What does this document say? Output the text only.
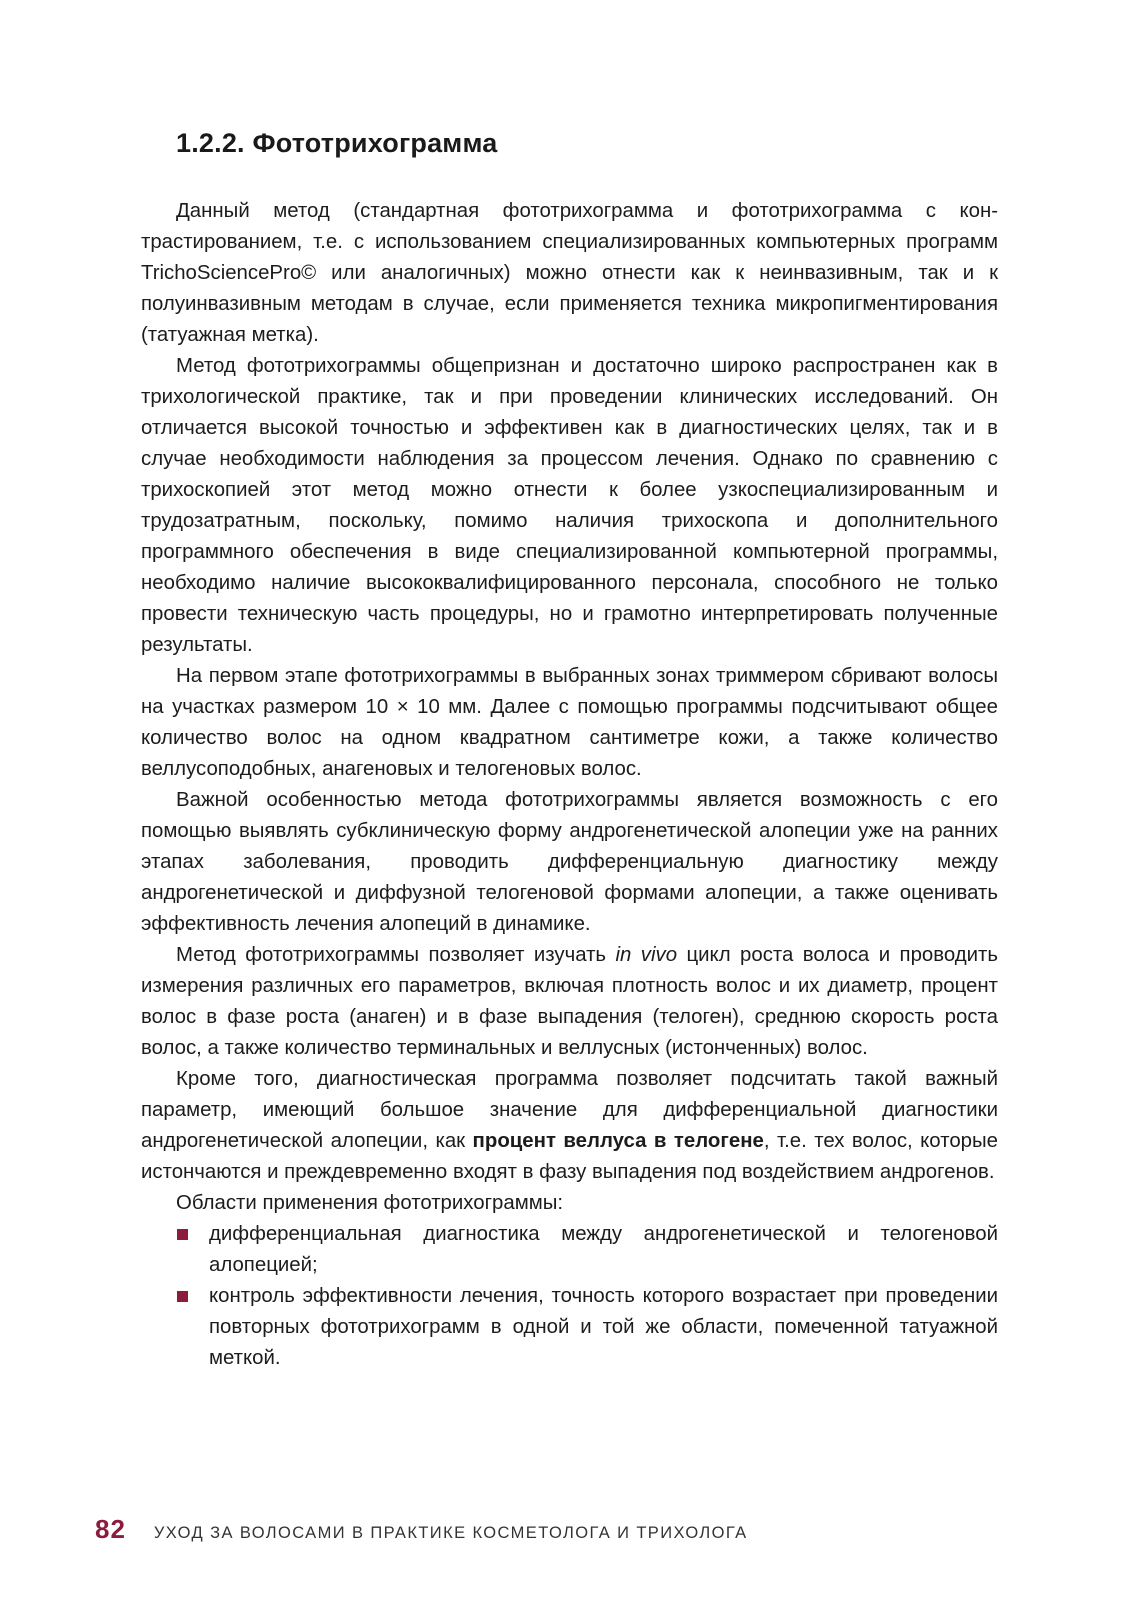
1.2.2. Фототрихограмма

Данный метод (стандартная фототрихограмма и фототрихограмма с контрастированием, т.е. с использованием специализированных компьютерных программ TrichoSciencePro© или аналогичных) можно отнести как к неинвазивным, так и к полуинвазивным методам в случае, если применяется техника микропигментирования (татуажная метка).

Метод фототрихограммы общепризнан и достаточно широко распространен как в трихологической практике, так и при проведении клинических исследований. Он отличается высокой точностью и эффективен как в диагностических целях, так и в случае необходимости наблюдения за процессом лечения. Однако по сравнению с трихоскопией этот метод можно отнести к более узкоспециализированным и трудозатратным, поскольку, помимо наличия трихоскопа и дополнительного программного обеспечения в виде специализированной компьютерной программы, необходимо наличие высококвалифицированного персонала, способного не только провести техническую часть процедуры, но и грамотно интерпретировать полученные результаты.

На первом этапе фототрихограммы в выбранных зонах триммером сбривают волосы на участках размером 10 × 10 мм. Далее с помощью программы подсчитывают общее количество волос на одном квадратном сантиметре кожи, а также количество веллусоподобных, анагеновых и телогеновых волос.

Важной особенностью метода фототрихограммы является возможность с его помощью выявлять субклиническую форму андрогенетической алопеции уже на ранних этапах заболевания, проводить дифференциальную диагностику между андрогенетической и диффузной телогеновой формами алопеции, а также оценивать эффективность лечения алопеций в динамике.

Метод фототрихограммы позволяет изучать in vivo цикл роста волоса и проводить измерения различных его параметров, включая плотность волос и их диаметр, процент волос в фазе роста (анаген) и в фазе выпадения (телоген), среднюю скорость роста волос, а также количество терминальных и веллусных (истонченных) волос.

Кроме того, диагностическая программа позволяет подсчитать такой важный параметр, имеющий большое значение для дифференциальной диагностики андрогенетической алопеции, как процент веллуса в телогене, т.е. тех волос, которые истончаются и преждевременно входят в фазу выпадения под воздействием андрогенов.

Области применения фототрихограммы:

дифференциальная диагностика между андрогенетической и телогеновой алопецией;
контроль эффективности лечения, точность которого возрастает при проведении повторных фототрихограмм в одной и той же области, помеченной татуажной меткой.
82 УХОД ЗА ВОЛОСАМИ В ПРАКТИКЕ КОСМЕТОЛОГА И ТРИХОЛОГА
